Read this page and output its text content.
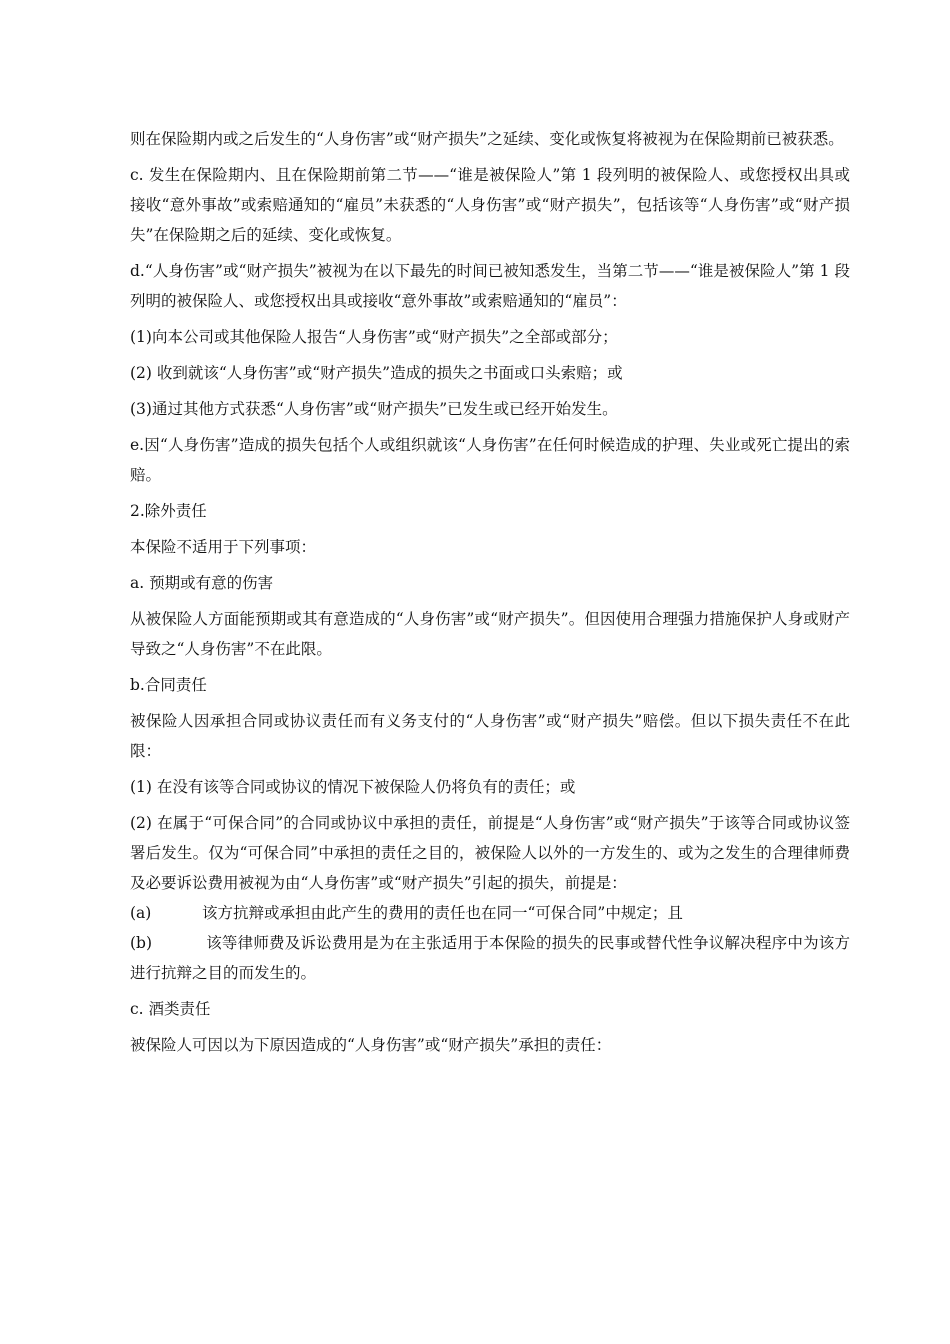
则在保险期内或之后发生的“人身伤害”或“财产损失”之延续、变化或恢复将被视为在保险期前已被获悉。

c. 发生在保险期内、且在保险期前第二节——“谁是被保险人”第 1 段列明的被保险人、或您授权出具或接收“意外事故”或索赔通知的“雇员”未获悉的“人身伤害”或“财产损失”，包括该等“人身伤害”或“财产损失”在保险期之后的延续、变化或恢复。

d.“人身伤害”或“财产损失”被视为在以下最先的时间已被知悉发生，当第二节——“谁是被保险人”第 1 段列明的被保险人、或您授权出具或接收“意外事故”或索赔通知的“雇员”：

(1)向本公司或其他保险人报告“人身伤害”或“财产损失”之全部或部分；

(2) 收到就该“人身伤害”或“财产损失”造成的损失之书面或口头索赔；或

(3)通过其他方式获悉“人身伤害”或“财产损失”已发生或已经开始发生。

e.因“人身伤害”造成的损失包括个人或组织就该“人身伤害”在任何时候造成的护理、失业或死亡提出的索赔。

2.除外责任

本保险不适用于下列事项：

a. 预期或有意的伤害

从被保险人方面能预期或其有意造成的“人身伤害”或“财产损失”。但因使用合理强力措施保护人身或财产导致之“人身伤害”不在此限。

b.合同责任

被保险人因承担合同或协议责任而有义务支付的“人身伤害”或“财产损失”赔偿。但以下损失责任不在此限：

(1) 在没有该等合同或协议的情况下被保险人仍将负有的责任；或

(2) 在属于“可保合同”的合同或协议中承担的责任，前提是“人身伤害”或“财产损失”于该等合同或协议签署后发生。仅为“可保合同”中承担的责任之目的，被保险人以外的一方发生的、或为之发生的合理律师费及必要诉讼费用被视为由“人身伤害”或“财产损失”引起的损失，前提是：

(a)	该方抗辩或承担由此产生的费用的责任也在同一“可保合同”中规定；且

(b)	该等律师费及诉讼费用是为在主张适用于本保险的损失的民事或替代性争议解决程序中为该方进行抗辩之目的而发生的。

c. 酒类责任

被保险人可因以为下原因造成的“人身伤害”或“财产损失”承担的责任：
